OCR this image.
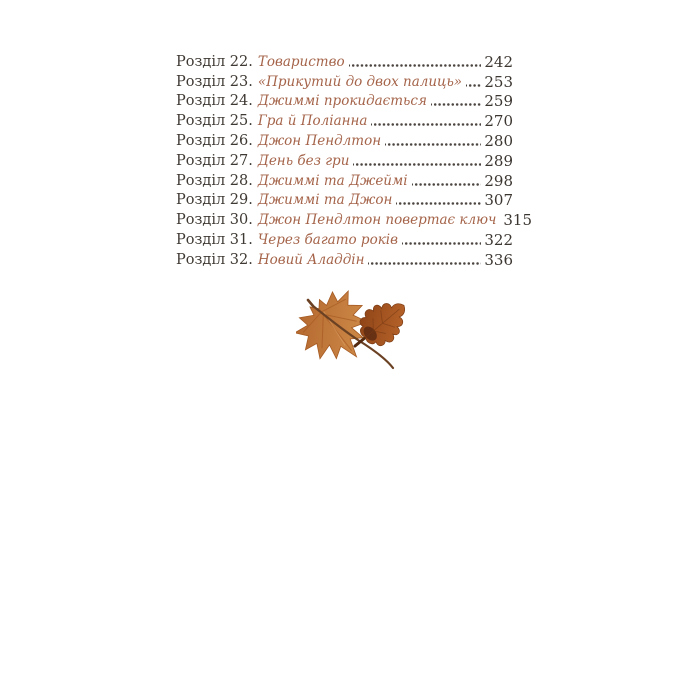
Розділ 22. Товариство	242
Розділ 23. «Прикутий до двох палиць» 253
Розділ 24. Джиммі прокидається	259
Розділ 25. Гра й Поліанна	270
Розділ 26. Джон Пендлтон	280
Розділ 27. День без гри	289
Розділ 28. Джиммі та Джеймі	298
Розділ 29. Джиммі та Джон	307
Розділ 30. Джон Пендлтон повертає ключ 315
Розділ 31. Через багато років	322
Розділ 32. Новий Аладдін	336
